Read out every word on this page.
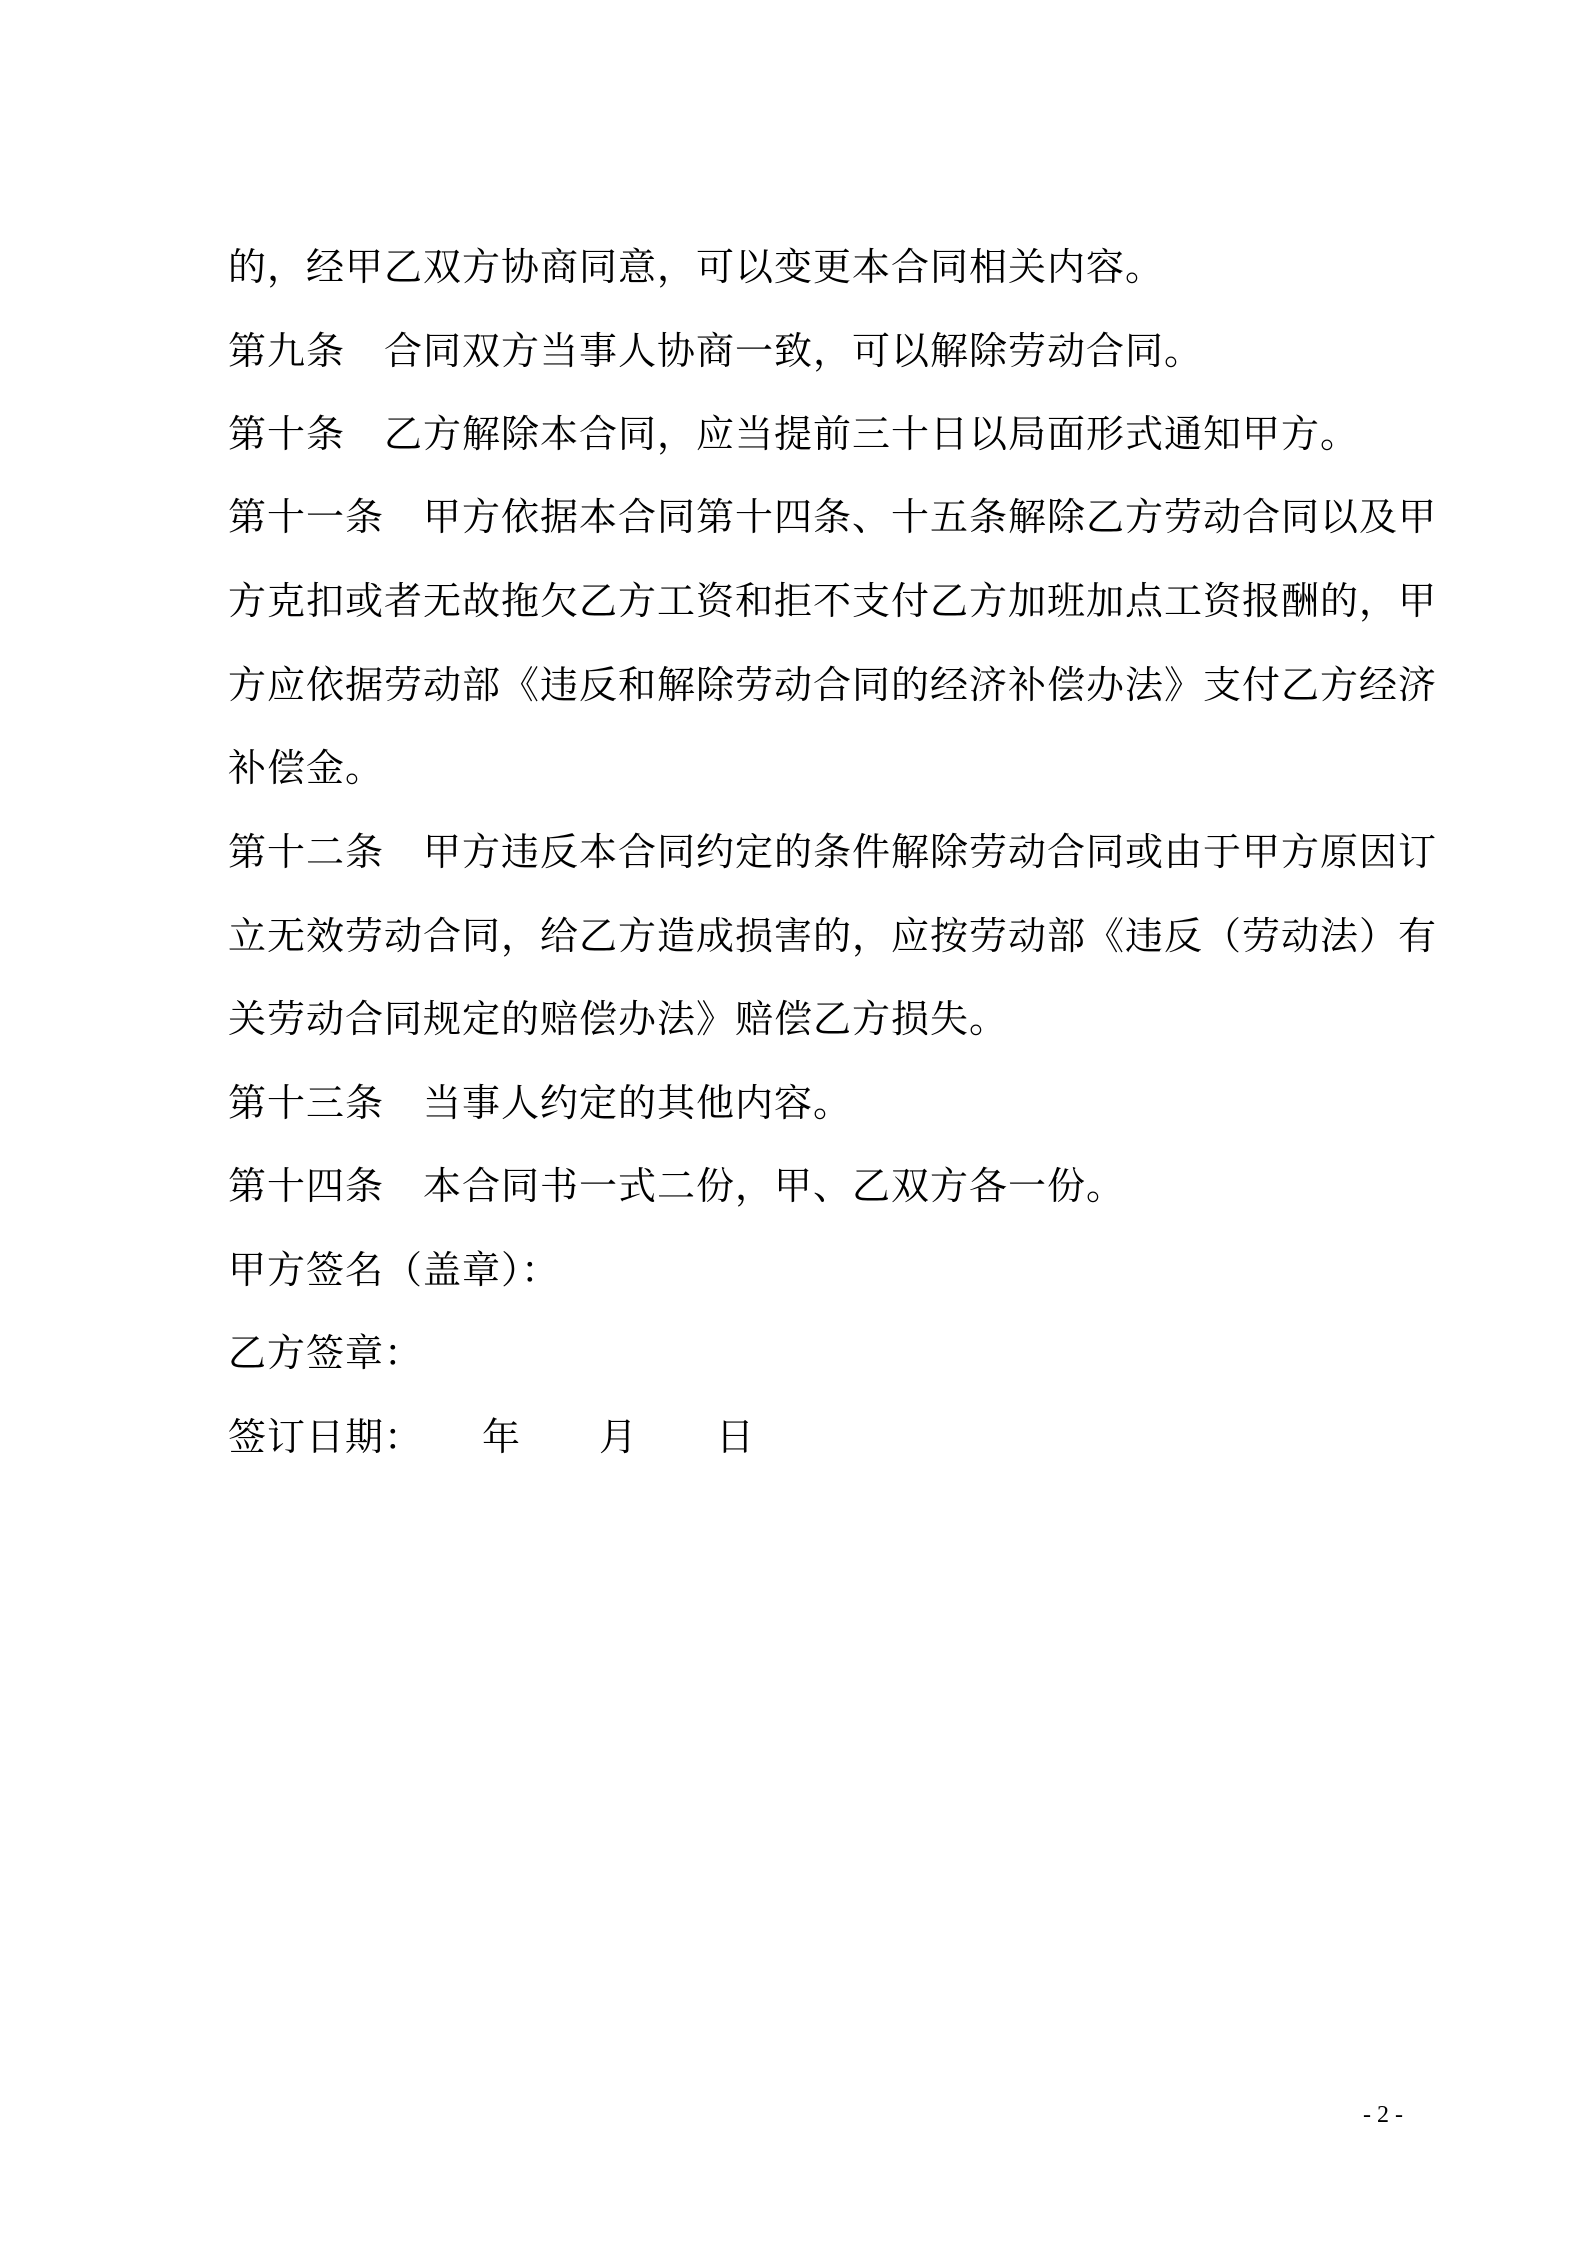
的，经甲乙双方协商同意，可以变更本合同相关内容。
第九条　合同双方当事人协商一致，可以解除劳动合同。
第十条　乙方解除本合同，应当提前三十日以局面形式通知甲方。
第十一条　甲方依据本合同第十四条、十五条解除乙方劳动合同以及甲
方克扣或者无故拖欠乙方工资和拒不支付乙方加班加点工资报酬的，甲
方应依据劳动部《违反和解除劳动合同的经济补偿办法》支付乙方经济
补偿金。
第十二条　甲方违反本合同约定的条件解除劳动合同或由于甲方原因订
立无效劳动合同，给乙方造成损害的，应按劳动部《违反（劳动法）有
关劳动合同规定的赔偿办法》赔偿乙方损失。
第十三条　当事人约定的其他内容。
第十四条　本合同书一式二份，甲、乙双方各一份。
甲方签名（盖章）：
乙方签章：
签订日期：　　年　　月　　日
- 2 -
